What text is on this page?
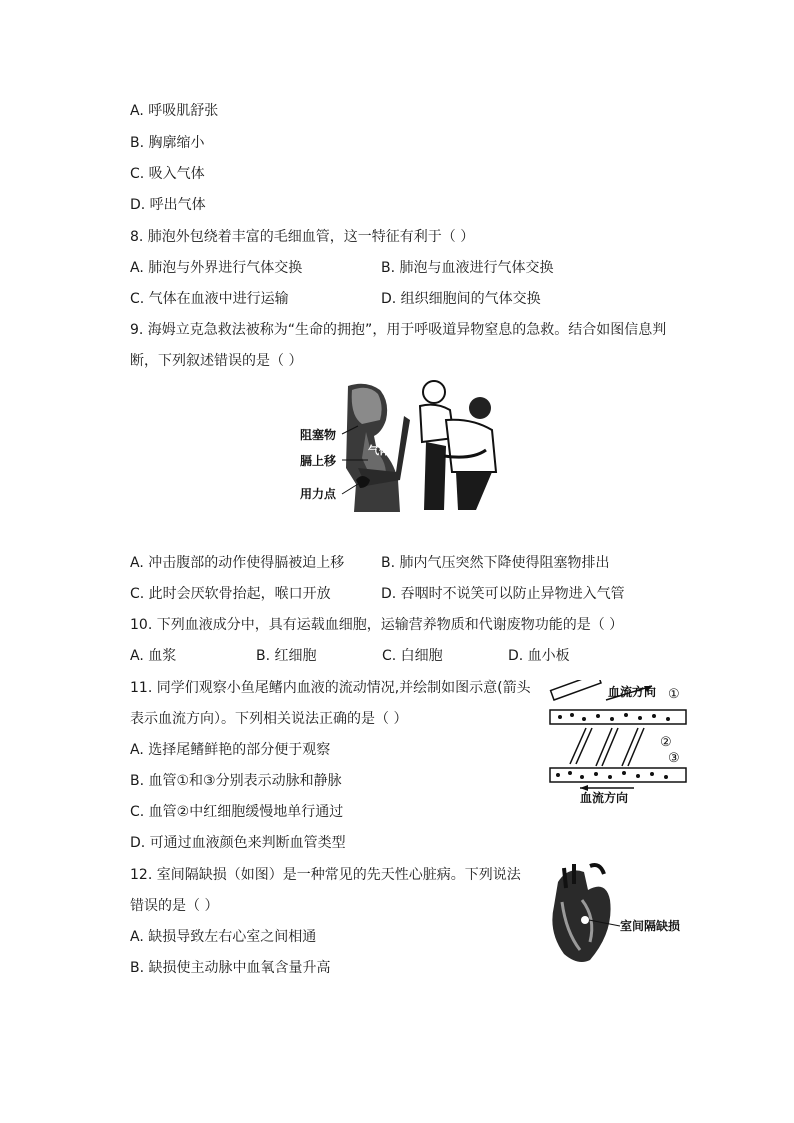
A. 呼吸肌舒张
B. 胸廓缩小
C. 吸入气体
D. 呼出气体
8. 肺泡外包绕着丰富的毛细血管，这一特征有利于（ ）
A. 肺泡与外界进行气体交换	B. 肺泡与血液进行气体交换
C. 气体在血液中进行运输	D. 组织细胞间的气体交换
9. 海姆立克急救法被称为“生命的拥抱”，用于呼吸道异物窒息的急救。结合如图信息判
断，下列叙述错误的是（ ）
阻塞物
膈上移
用力点
气体
A. 冲击腹部的动作使得膈被迫上移	B. 肺内气压突然下降使得阻塞物排出
C. 此时会厌软骨抬起，喉口开放	D. 吞咽时不说笑可以防止异物进入气管
10. 下列血液成分中，具有运载血细胞，运输营养物质和代谢废物功能的是（ ）
A. 血浆	B. 红细胞	C. 白细胞	D. 血小板
11. 同学们观察小鱼尾鳍内血液的流动情况,并绘制如图示意(箭头
表示血流方向）。下列相关说法正确的是（ ）
A. 选择尾鳍鲜艳的部分便于观察
B. 血管①和③分别表示动脉和静脉
C. 血管②中红细胞缓慢地单行通过
D. 可通过血液颜色来判断血管类型
血流方向 ①
②
③
血流方向
12. 室间隔缺损（如图）是一种常见的先天性心脏病。下列说法
错误的是（ ）
A. 缺损导致左右心室之间相通
B. 缺损使主动脉中血氧含量升高
室间隔缺损
